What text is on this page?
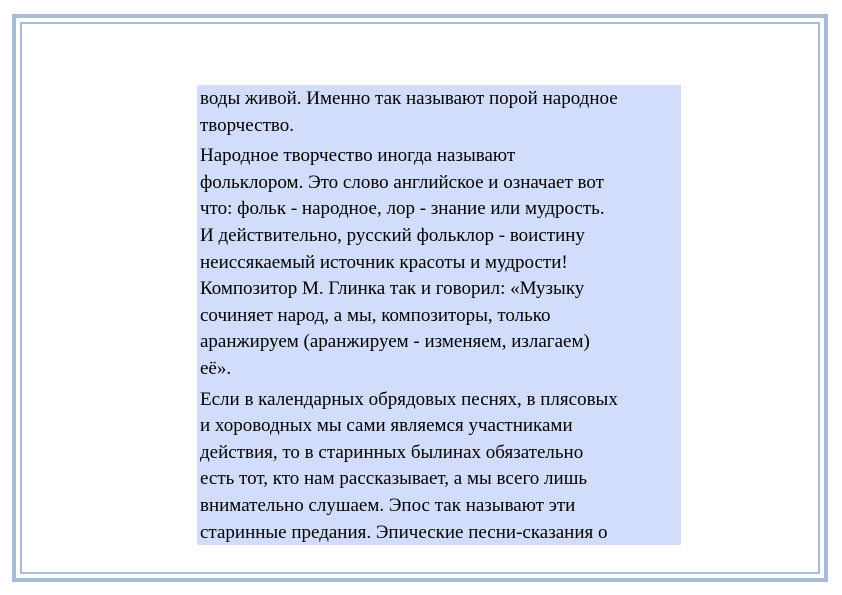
воды живой. Именно так называют порой народное
творчество.

Народное творчество иногда называют
фольклором. Это слово английское и означает вот
что: фольк - народное, лор - знание или мудрость.
И действительно, русский фольклор - воистину
неиссякаемый источник красоты и мудрости!
Композитор М. Глинка так и говорил: «Музыку
сочиняет народ, а мы, композиторы, только
аранжируем (аранжируем - изменяем, излагаем)
её».

Если в календарных обрядовых песнях, в плясовых
и хороводных мы сами являемся участниками
действия, то в старинных былинах обязательно
есть тот, кто нам рассказывает, а мы всего лишь
внимательно слушаем. Эпос так называют эти
старинные предания. Эпические песни-сказания о
